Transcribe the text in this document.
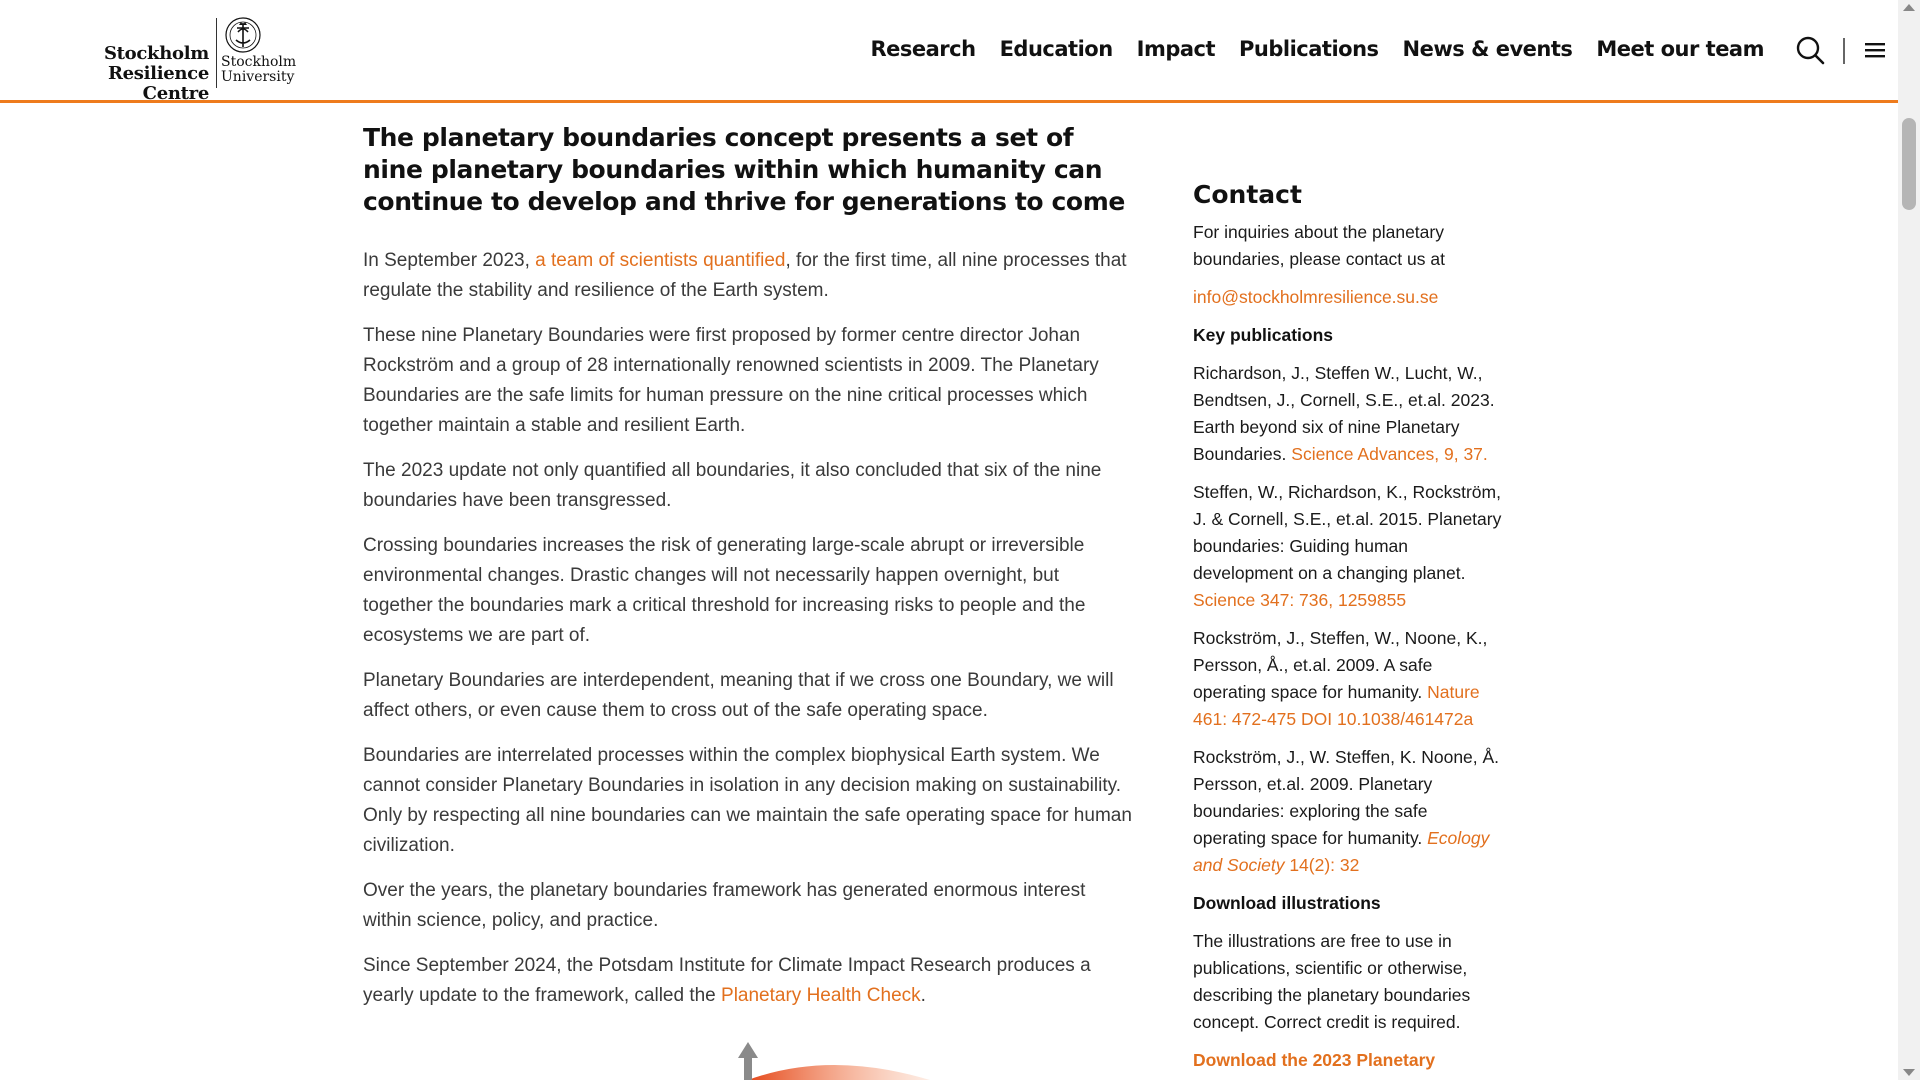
Stockholm
Resilience Centre
Stockholm
University
Research Education Impact Publications News & events Meet our team
The planetary boundaries concept presents a set of nine planetary boundaries within which humanity can continue to develop and thrive for generations to come

In September 2023, a team of scientists quantified, for the first time, all nine processes that regulate the stability and resilience of the Earth system.

These nine Planetary Boundaries were first proposed by former centre director Johan Rockström and a group of 28 internationally renowned scientists in 2009. The Planetary Boundaries are the safe limits for human pressure on the nine critical processes which together maintain a stable and resilient Earth.

The 2023 update not only quantified all boundaries, it also concluded that six of the nine boundaries have been transgressed.

Crossing boundaries increases the risk of generating large-scale abrupt or irreversible environmental changes. Drastic changes will not necessarily happen overnight, but together the boundaries mark a critical threshold for increasing risks to people and the ecosystems we are part of.

Planetary Boundaries are interdependent, meaning that if we cross one Boundary, we will affect others, or even cause them to cross out of the safe operating space.

Boundaries are interrelated processes within the complex biophysical Earth system. We cannot consider Planetary Boundaries in isolation in any decision making on sustainability. Only by respecting all nine boundaries can we maintain the safe operating space for human civilization.

Over the years, the planetary boundaries framework has generated enormous interest within science, policy, and practice.

Since September 2024, the Potsdam Institute for Climate Impact Research produces a yearly update to the framework, called the Planetary Health Check.

Contact

For inquiries about the planetary boundaries, please contact us at

info@stockholmresilience.su.se

Key publications

Richardson, J., Steffen W., Lucht, W., Bendtsen, J., Cornell, S.E., et.al. 2023. Earth beyond six of nine Planetary Boundaries. Science Advances, 9, 37.

Steffen, W., Richardson, K., Rockström, J. & Cornell, S.E., et.al. 2015. Planetary boundaries: Guiding human development on a changing planet. Science 347: 736, 1259855

Rockström, J., Steffen, W., Noone, K., Persson, Å., et.al. 2009. A safe operating space for humanity. Nature 461: 472-475 DOI 10.1038/461472a

Rockström, J., W. Steffen, K. Noone, Å. Persson, et.al. 2009. Planetary boundaries: exploring the safe operating space for humanity. Ecology and Society 14(2): 32

Download illustrations

The illustrations are free to use in publications, scientific or otherwise, describing the planetary boundaries concept. Correct credit is required.

Download the 2023 Planetary
